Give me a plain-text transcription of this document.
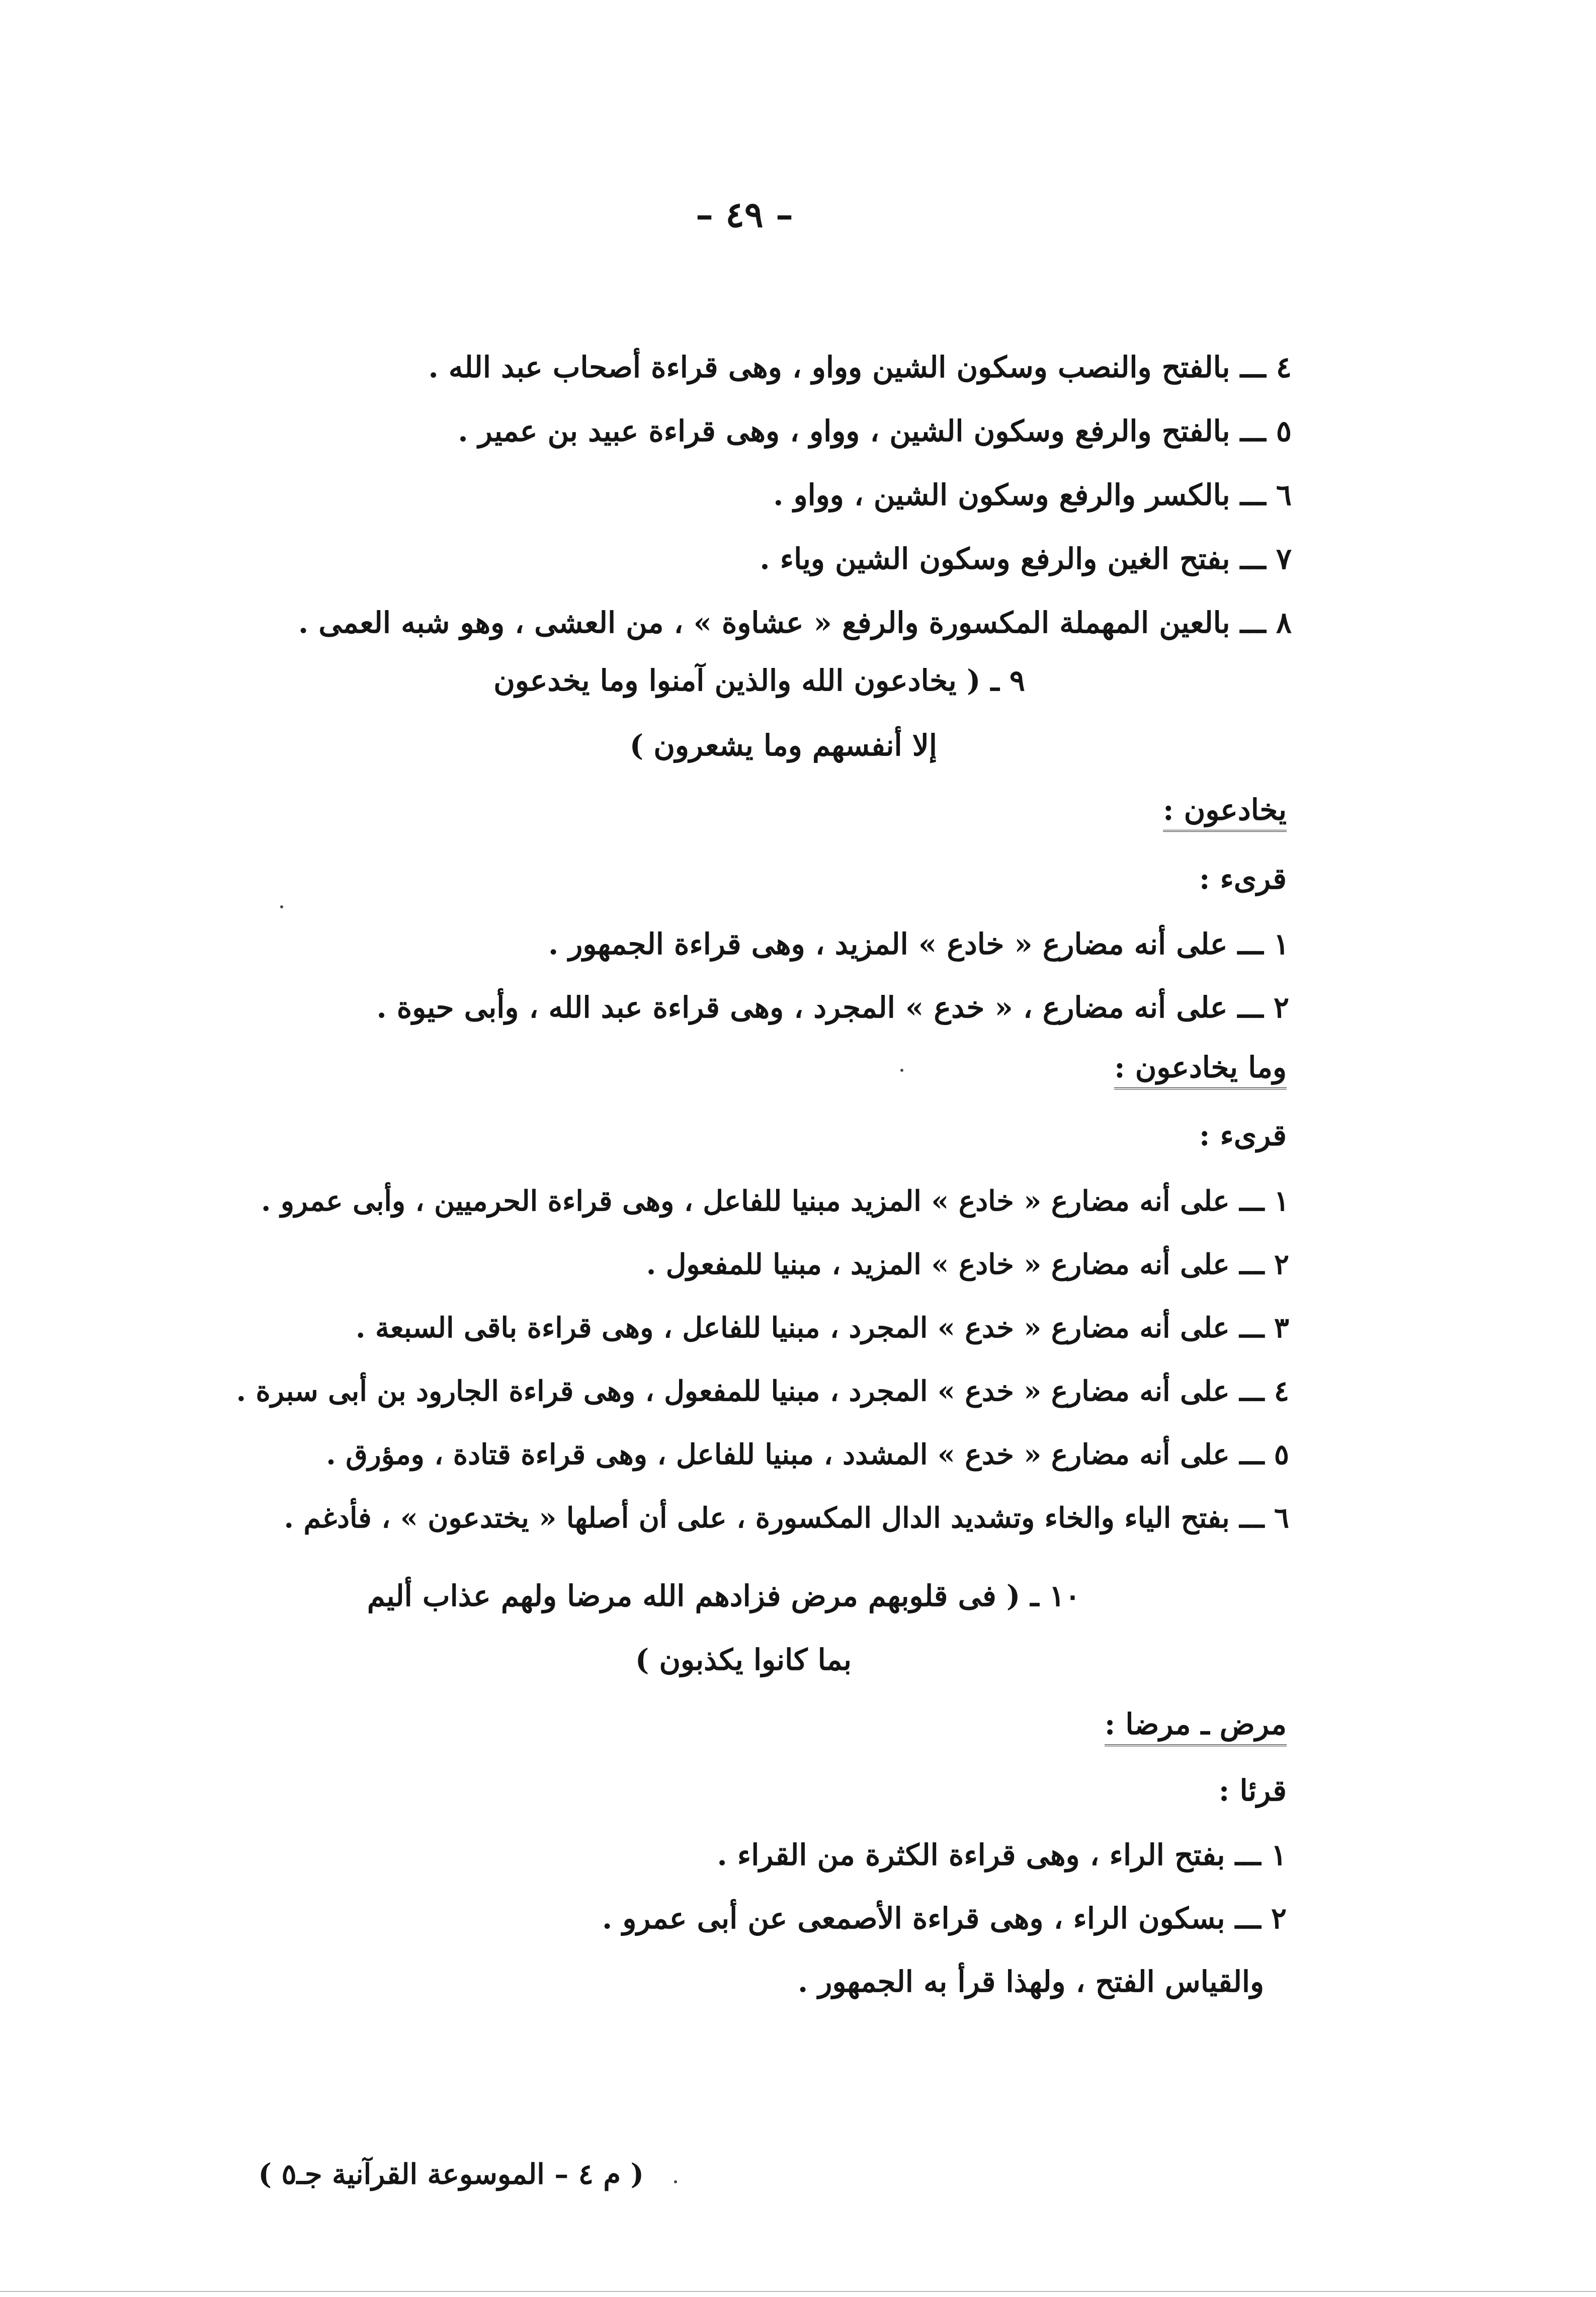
– ٤٩ –
٤ ـــ بالفتح والنصب وسكون الشين وواو ، وهى قراءة أصحاب عبد الله .
٥ ـــ بالفتح والرفع وسكون الشين ، وواو ، وهى قراءة عبيد بن عمير .
٦ ـــ بالكسر والرفع وسكون الشين ، وواو .
٧ ـــ بفتح الغين والرفع وسكون الشين وياء .
٨ ـــ بالعين المهملة المكسورة والرفع « عشاوة » ، من العشى ، وهو شبه العمى .
٩ ـ ( يخادعون الله والذين آمنوا وما يخدعون
إلا أنفسهم وما يشعرون )
يخادعون :
قرىء :
١ ـــ على أنه مضارع « خادع » المزيد ، وهى قراءة الجمهور .
٢ ـــ على أنه مضارع ، « خدع » المجرد ، وهى قراءة عبد الله ، وأبى حيوة .
وما يخادعون :
قرىء :
١ ـــ على أنه مضارع « خادع » المزيد مبنيا للفاعل ، وهى قراءة الحرميين ، وأبى عمرو .
٢ ـــ على أنه مضارع « خادع » المزيد ، مبنيا للمفعول .
٣ ـــ على أنه مضارع « خدع » المجرد ، مبنيا للفاعل ، وهى قراءة باقى السبعة .
٤ ـــ على أنه مضارع « خدع » المجرد ، مبنيا للمفعول ، وهى قراءة الجارود بن أبى سبرة .
٥ ـــ على أنه مضارع « خدع » المشدد ، مبنيا للفاعل ، وهى قراءة قتادة ، ومؤرق .
٦ ـــ بفتح الياء والخاء وتشديد الدال المكسورة ، على أن أصلها « يختدعون » ، فأدغم .
١٠ ـ ( فى قلوبهم مرض فزادهم الله مرضا ولهم عذاب أليم
بما كانوا يكذبون )
مرض ـ مرضا :
قرئا :
١ ـــ بفتح الراء ، وهى قراءة الكثرة من القراء .
٢ ـــ بسكون الراء ، وهى قراءة الأصمعى عن أبى عمرو .
والقياس الفتح ، ولهذا قرأ به الجمهور .
( م ٤ – الموسوعة القرآنية جـ٥ )
